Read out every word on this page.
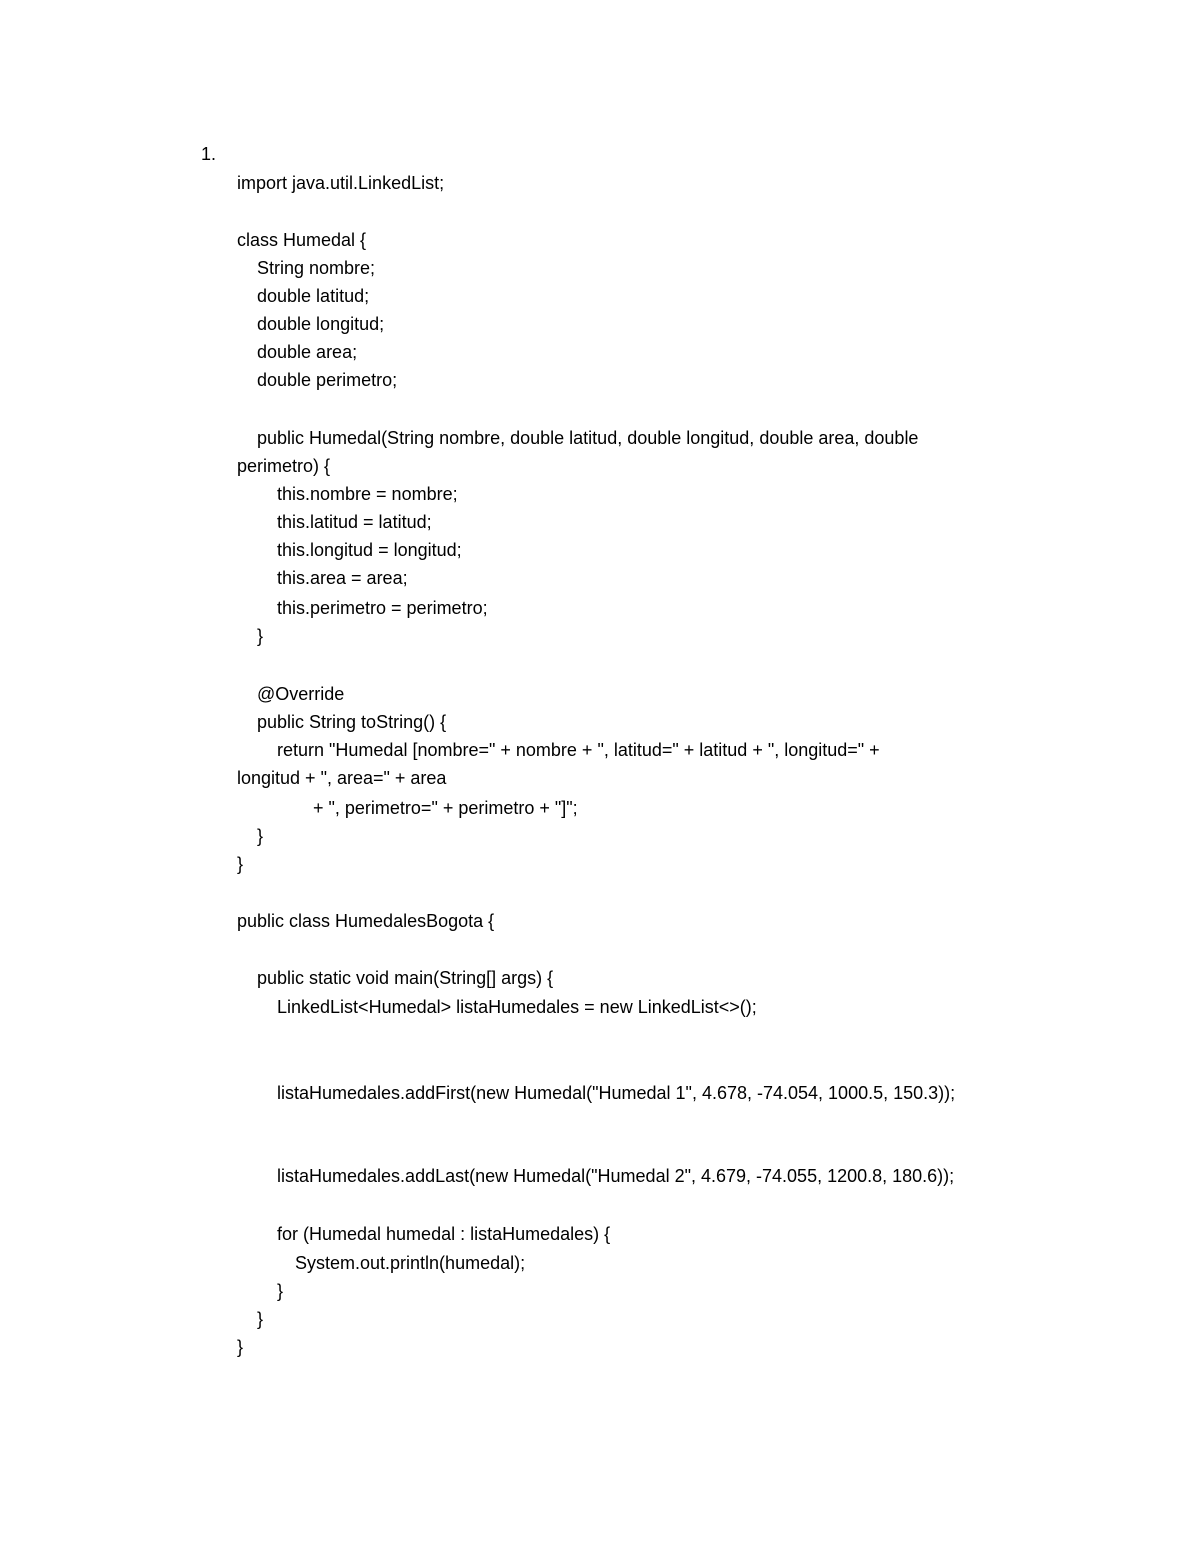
1.
import java.util.LinkedList;
class Humedal {
String nombre;
double latitud;
double longitud;
double area;
double perimetro;
public Humedal(String nombre, double latitud, double longitud, double area, double
perimetro) {
this.nombre = nombre;
this.latitud = latitud;
this.longitud = longitud;
this.area = area;
this.perimetro = perimetro;
}
@Override
public String toString() {
return "Humedal [nombre=" + nombre + ", latitud=" + latitud + ", longitud=" +
longitud + ", area=" + area
+ ", perimetro=" + perimetro + "]";
}
}
public class HumedalesBogota {
public static void main(String[] args) {
LinkedList<Humedal> listaHumedales = new LinkedList<>();
listaHumedales.addFirst(new Humedal("Humedal 1", 4.678, -74.054, 1000.5, 150.3));
listaHumedales.addLast(new Humedal("Humedal 2", 4.679, -74.055, 1200.8, 180.6));
for (Humedal humedal : listaHumedales) {
System.out.println(humedal);
}
}
}
